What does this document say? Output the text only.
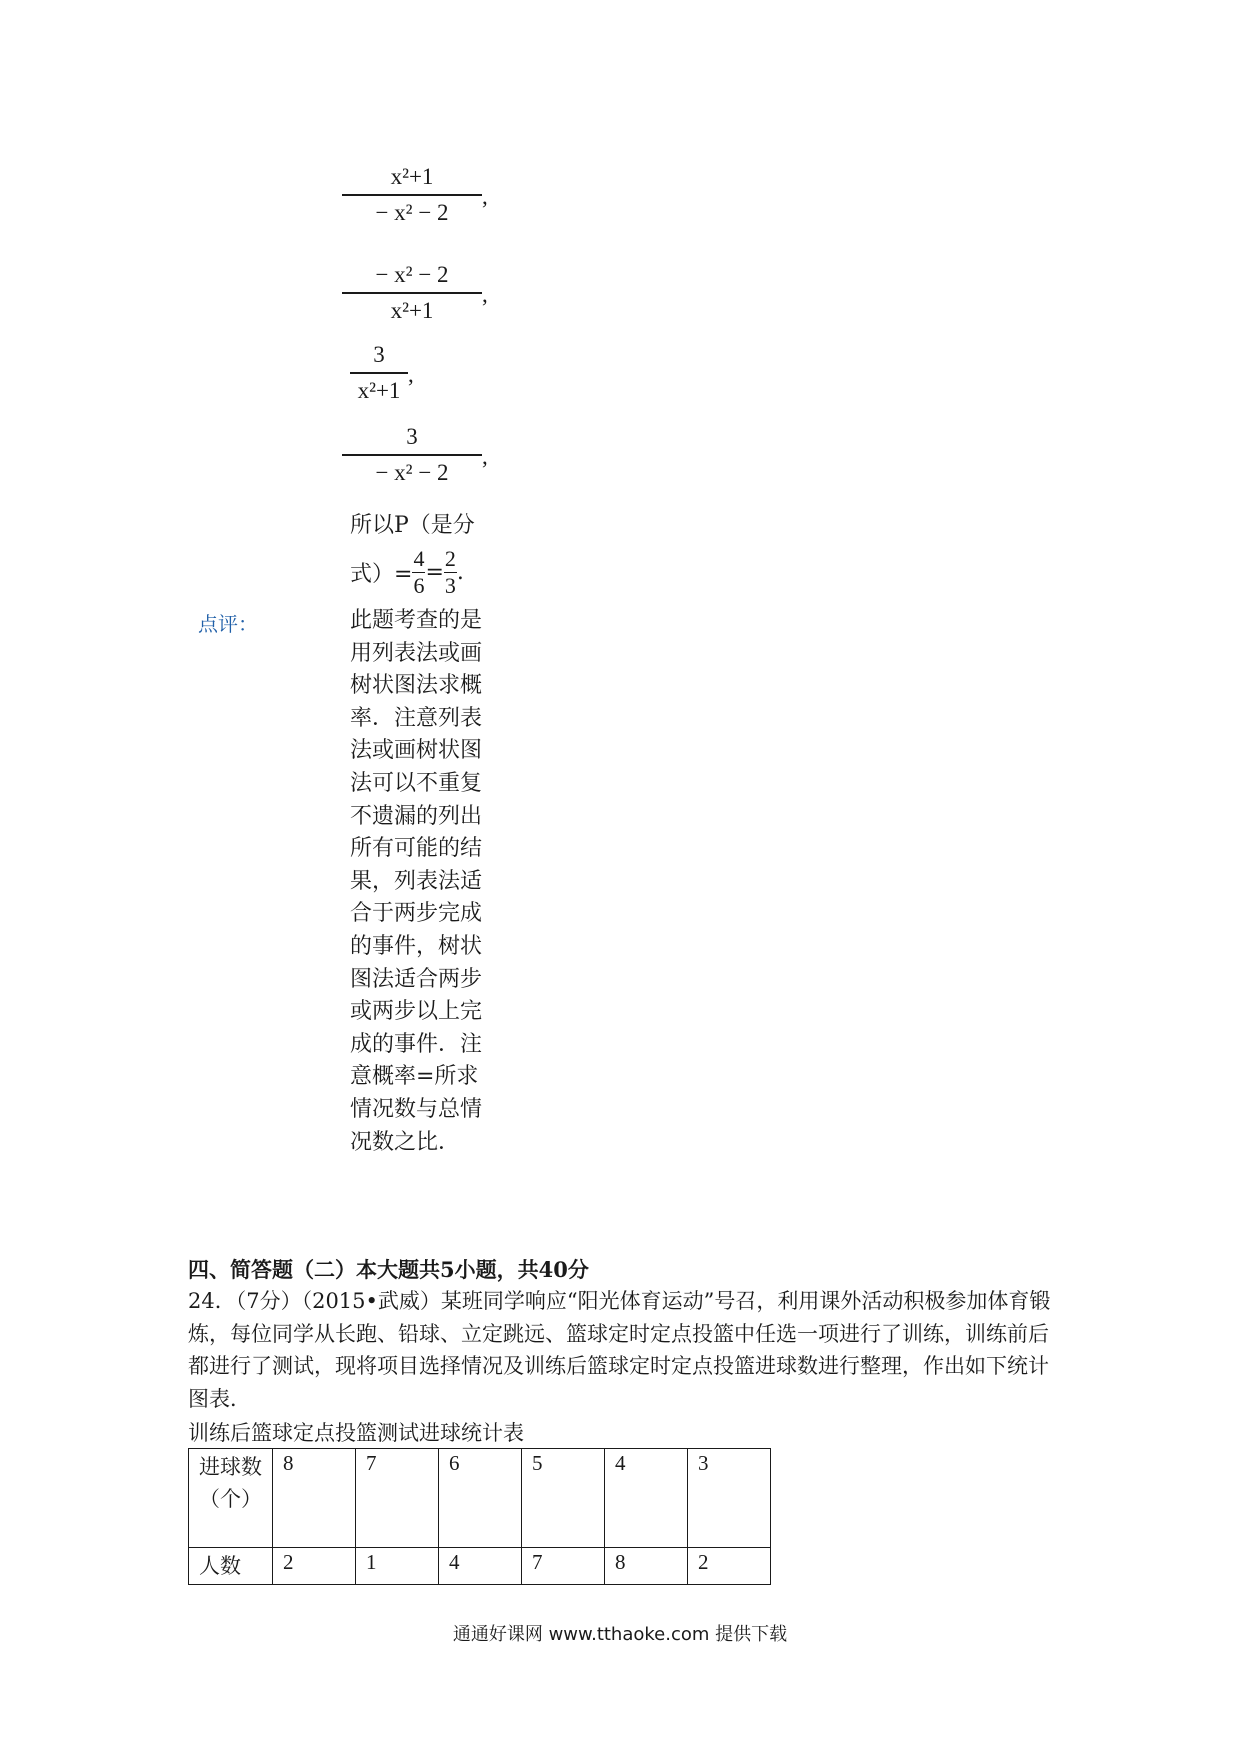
x²+1
− x² − 2
,
− x² − 2
x²+1
,
3
x²+1
,
3
− x² − 2
,
所以P（是分
式）= $\frac{4}{6} = \frac{2}{3}$ .
点评：	此题考查的是用列表法或画树状图法求概率．注意列表法或画树状图法可以不重复不遗漏的列出所有可能的结果，列表法适合于两步完成的事件，树状图法适合两步或两步以上完成的事件．注意概率=所求情况数与总情况数之比．
四、简答题（二）本大题共5小题，共40分
24．（7分）（2015•武威）某班同学响应“阳光体育运动”号召，利用课外活动积极参加体育锻炼，每位同学从长跑、铅球、立定跳远、篮球定时定点投篮中任选一项进行了训练，训练前后都进行了测试，现将项目选择情况及训练后篮球定时定点投篮进球数进行整理，作出如下统计图表．
训练后篮球定点投篮测试进球统计表
进球数（个）	8	7	6	5	4	3
人数	2	1	4	7	8	2
通通好课网 www.tthaoke.com 提供下载
